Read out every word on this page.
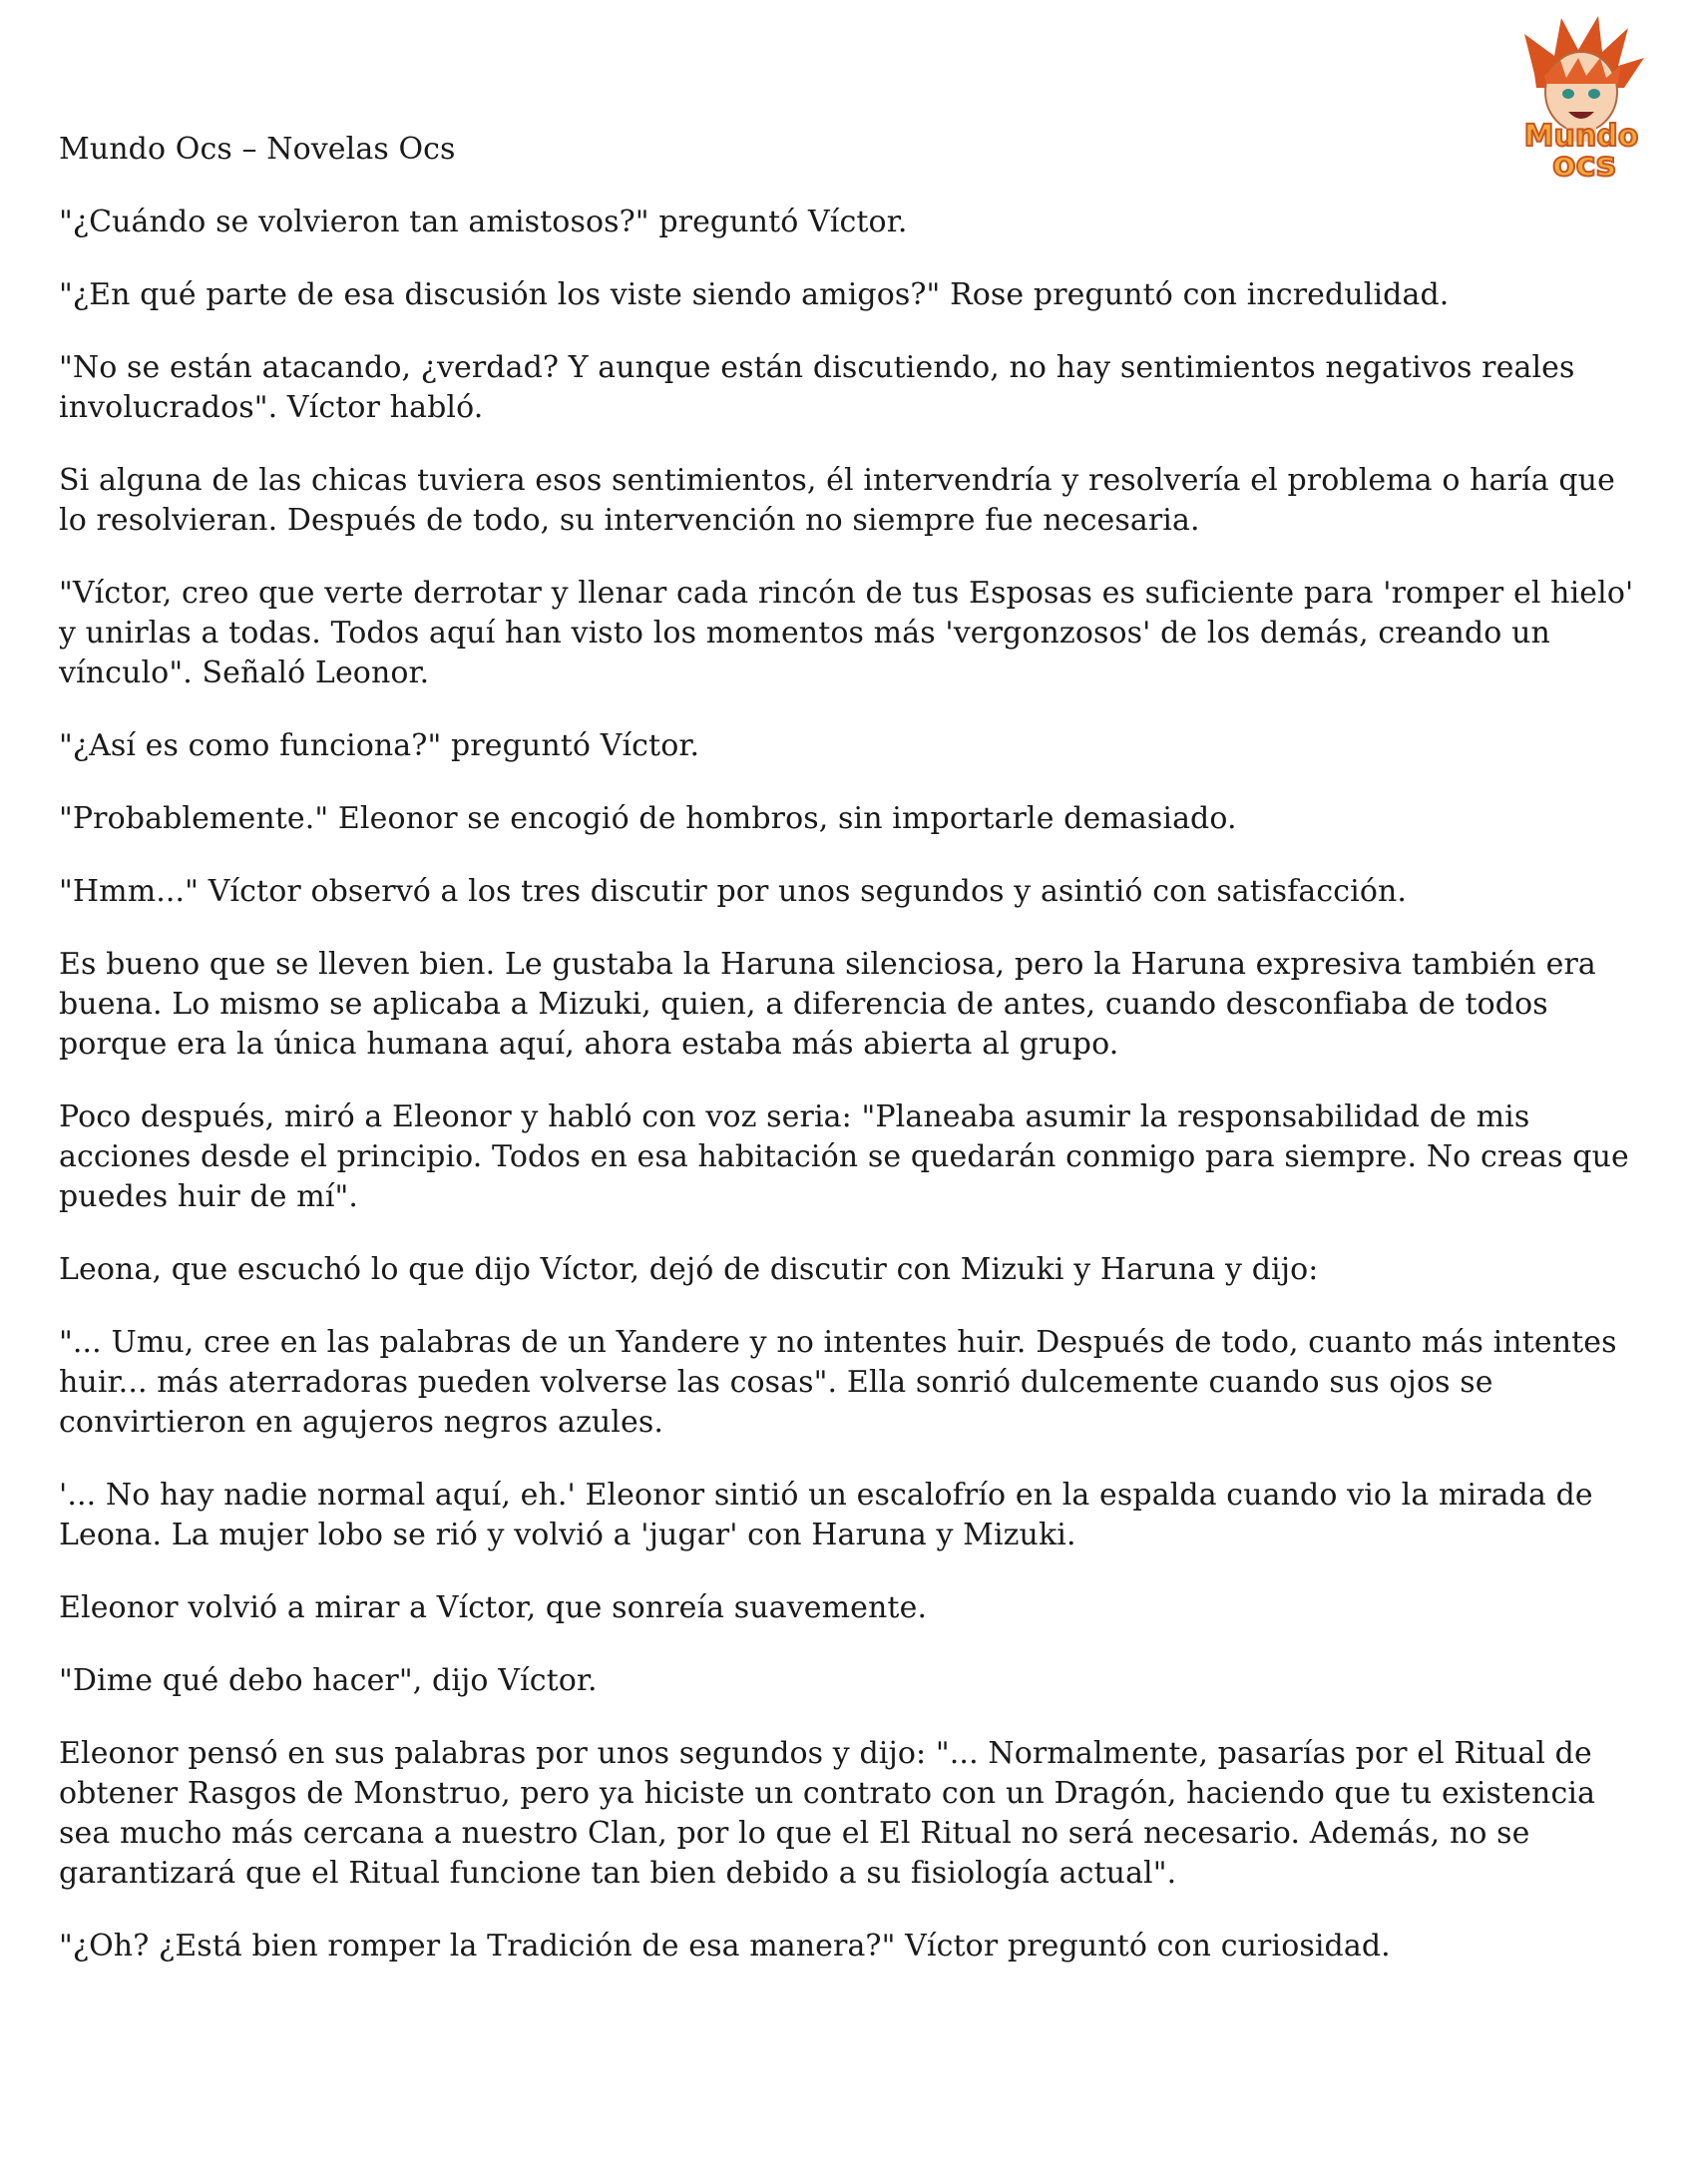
Mundo
ocs
Mundo Ocs – Novelas Ocs

"¿Cuándo se volvieron tan amistosos?" preguntó Víctor.

"¿En qué parte de esa discusión los viste siendo amigos?" Rose preguntó con incredulidad.

"No se están atacando, ¿verdad? Y aunque están discutiendo, no hay sentimientos negativos reales involucrados". Víctor habló.

Si alguna de las chicas tuviera esos sentimientos, él intervendría y resolvería el problema o haría que lo resolvieran. Después de todo, su intervención no siempre fue necesaria.

"Víctor, creo que verte derrotar y llenar cada rincón de tus Esposas es suficiente para 'romper el hielo' y unirlas a todas. Todos aquí han visto los momentos más 'vergonzosos' de los demás, creando un vínculo". Señaló Leonor.

"¿Así es como funciona?" preguntó Víctor.

"Probablemente." Eleonor se encogió de hombros, sin importarle demasiado.

"Hmm..." Víctor observó a los tres discutir por unos segundos y asintió con satisfacción.

Es bueno que se lleven bien. Le gustaba la Haruna silenciosa, pero la Haruna expresiva también era buena. Lo mismo se aplicaba a Mizuki, quien, a diferencia de antes, cuando desconfiaba de todos porque era la única humana aquí, ahora estaba más abierta al grupo.

Poco después, miró a Eleonor y habló con voz seria: "Planeaba asumir la responsabilidad de mis acciones desde el principio. Todos en esa habitación se quedarán conmigo para siempre. No creas que puedes huir de mí".

Leona, que escuchó lo que dijo Víctor, dejó de discutir con Mizuki y Haruna y dijo:

"... Umu, cree en las palabras de un Yandere y no intentes huir. Después de todo, cuanto más intentes huir... más aterradoras pueden volverse las cosas". Ella sonrió dulcemente cuando sus ojos se convirtieron en agujeros negros azules.

'... No hay nadie normal aquí, eh.' Eleonor sintió un escalofrío en la espalda cuando vio la mirada de Leona. La mujer lobo se rió y volvió a 'jugar' con Haruna y Mizuki.

Eleonor volvió a mirar a Víctor, que sonreía suavemente.

"Dime qué debo hacer", dijo Víctor.

Eleonor pensó en sus palabras por unos segundos y dijo: "... Normalmente, pasarías por el Ritual de obtener Rasgos de Monstruo, pero ya hiciste un contrato con un Dragón, haciendo que tu existencia sea mucho más cercana a nuestro Clan, por lo que el El Ritual no será necesario. Además, no se garantizará que el Ritual funcione tan bien debido a su fisiología actual".

"¿Oh? ¿Está bien romper la Tradición de esa manera?" Víctor preguntó con curiosidad.
